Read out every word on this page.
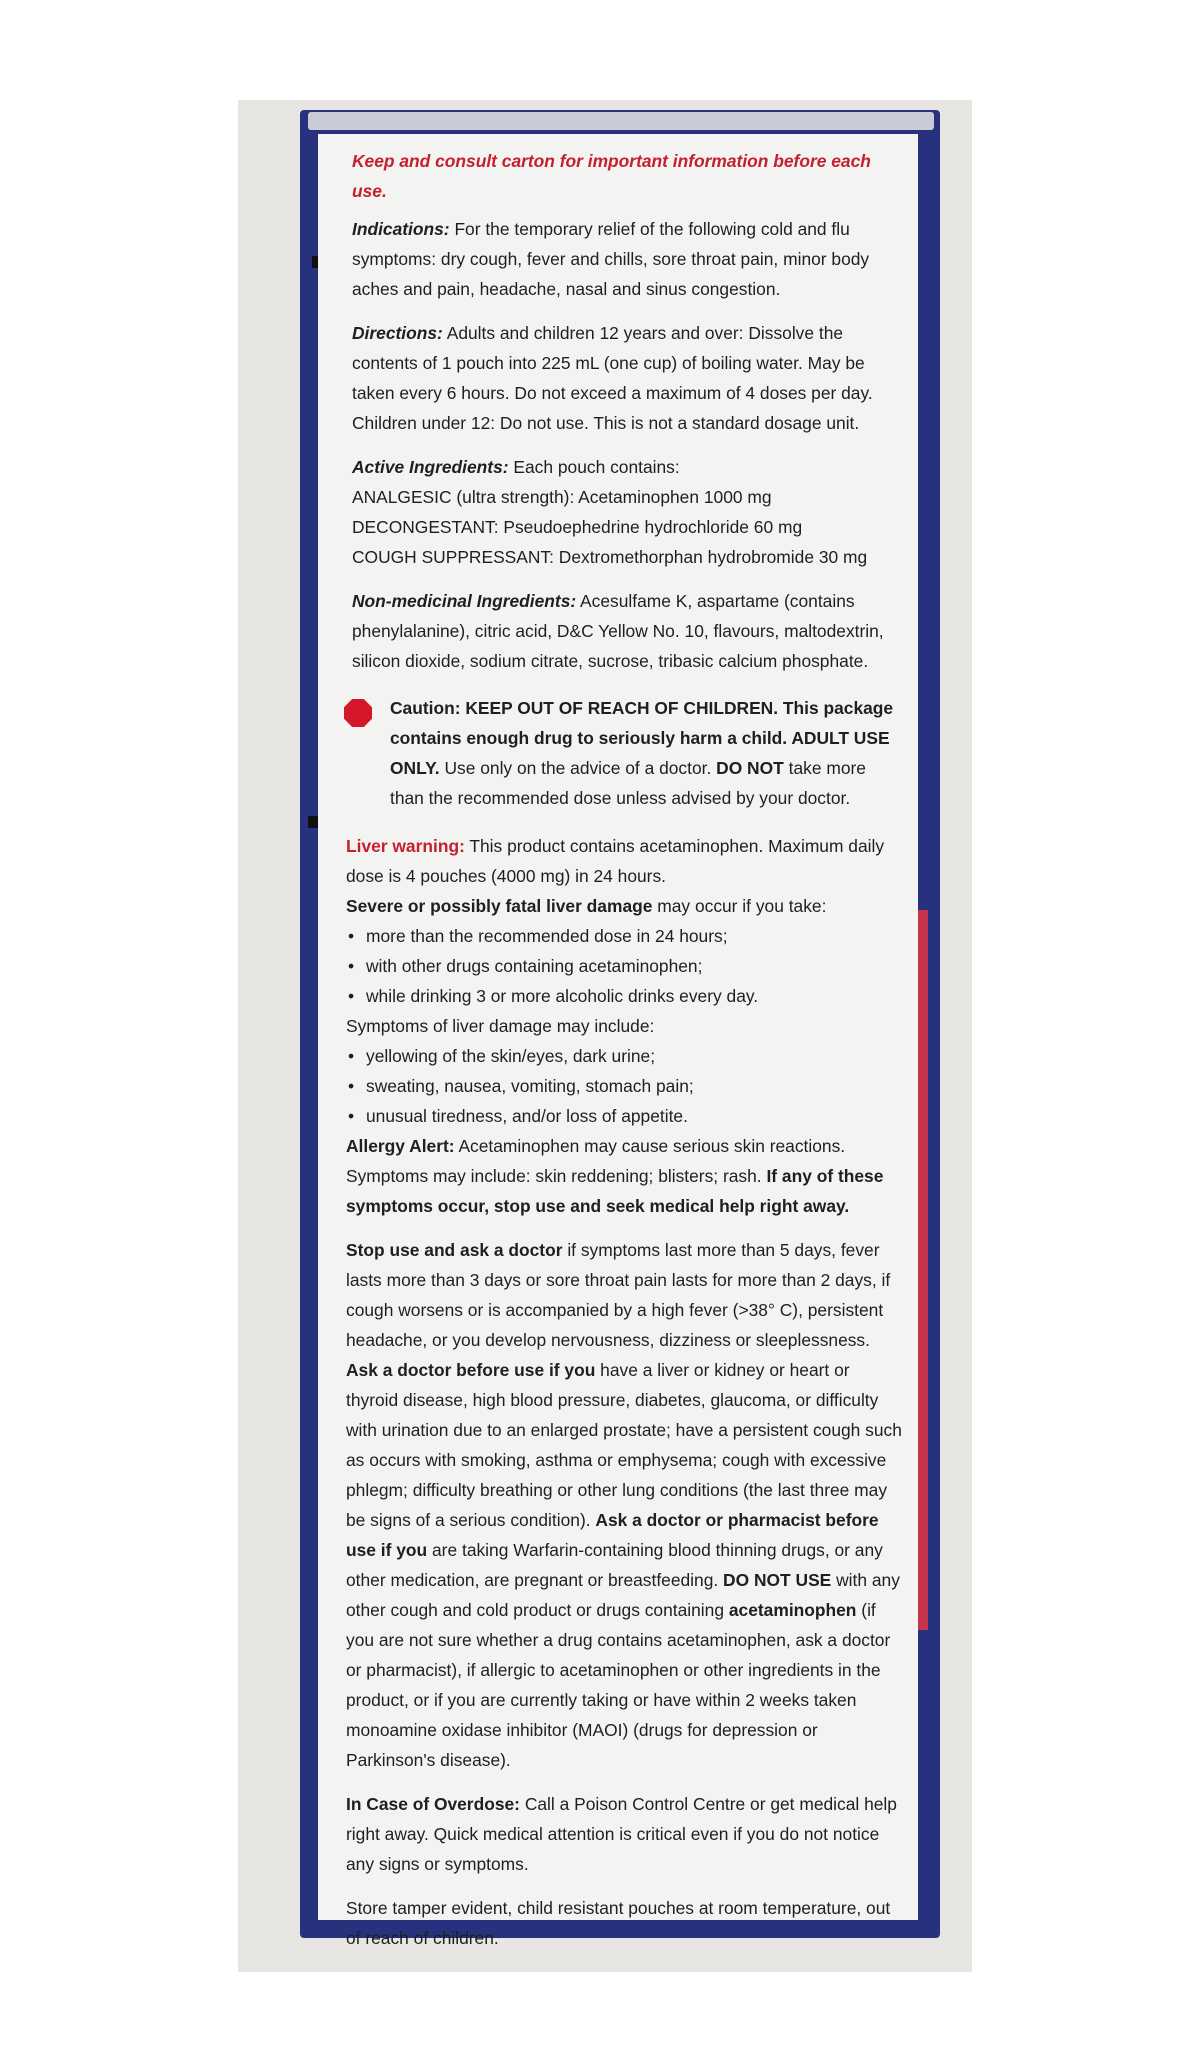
Keep and consult carton for important information before each use.

Indications: For the temporary relief of the following cold and flu symptoms: dry cough, fever and chills, sore throat pain, minor body aches and pain, headache, nasal and sinus congestion.

Directions: Adults and children 12 years and over: Dissolve the contents of 1 pouch into 225 mL (one cup) of boiling water. May be taken every 6 hours. Do not exceed a maximum of 4 doses per day. Children under 12: Do not use. This is not a standard dosage unit.

Active Ingredients: Each pouch contains:

ANALGESIC (ultra strength): Acetaminophen 1000 mg

DECONGESTANT: Pseudoephedrine hydrochloride 60 mg

COUGH SUPPRESSANT: Dextromethorphan hydrobromide 30 mg

Non-medicinal Ingredients: Acesulfame K, aspartame (contains phenylalanine), citric acid, D&C Yellow No. 10, flavours, maltodextrin, silicon dioxide, sodium citrate, sucrose, tribasic calcium phosphate.

Caution: KEEP OUT OF REACH OF CHILDREN. This package contains enough drug to seriously harm a child. ADULT USE ONLY. Use only on the advice of a doctor. DO NOT take more than the recommended dose unless advised by your doctor.

Liver warning: This product contains acetaminophen. Maximum daily dose is 4 pouches (4000 mg) in 24 hours.

Severe or possibly fatal liver damage may occur if you take:

• more than the recommended dose in 24 hours;
• with other drugs containing acetaminophen;
• while drinking 3 or more alcoholic drinks every day.

Symptoms of liver damage may include:

• yellowing of the skin/eyes, dark urine;
• sweating, nausea, vomiting, stomach pain;
• unusual tiredness, and/or loss of appetite.

Allergy Alert: Acetaminophen may cause serious skin reactions. Symptoms may include: skin reddening; blisters; rash. If any of these symptoms occur, stop use and seek medical help right away.

Stop use and ask a doctor if symptoms last more than 5 days, fever lasts more than 3 days or sore throat pain lasts for more than 2 days, if cough worsens or is accompanied by a high fever (>38° C), persistent headache, or you develop nervousness, dizziness or sleeplessness. Ask a doctor before use if you have a liver or kidney or heart or thyroid disease, high blood pressure, diabetes, glaucoma, or difficulty with urination due to an enlarged prostate; have a persistent cough such as occurs with smoking, asthma or emphysema; cough with excessive phlegm; difficulty breathing or other lung conditions (the last three may be signs of a serious condition). Ask a doctor or pharmacist before use if you are taking Warfarin-containing blood thinning drugs, or any other medication, are pregnant or breastfeeding. DO NOT USE with any other cough and cold product or drugs containing acetaminophen (if you are not sure whether a drug contains acetaminophen, ask a doctor or pharmacist), if allergic to acetaminophen or other ingredients in the product, or if you are currently taking or have within 2 weeks taken monoamine oxidase inhibitor (MAOI) (drugs for depression or Parkinson's disease).

In Case of Overdose: Call a Poison Control Centre or get medical help right away. Quick medical attention is critical even if you do not notice any signs or symptoms.

Store tamper evident, child resistant pouches at room temperature, out of reach of children.
